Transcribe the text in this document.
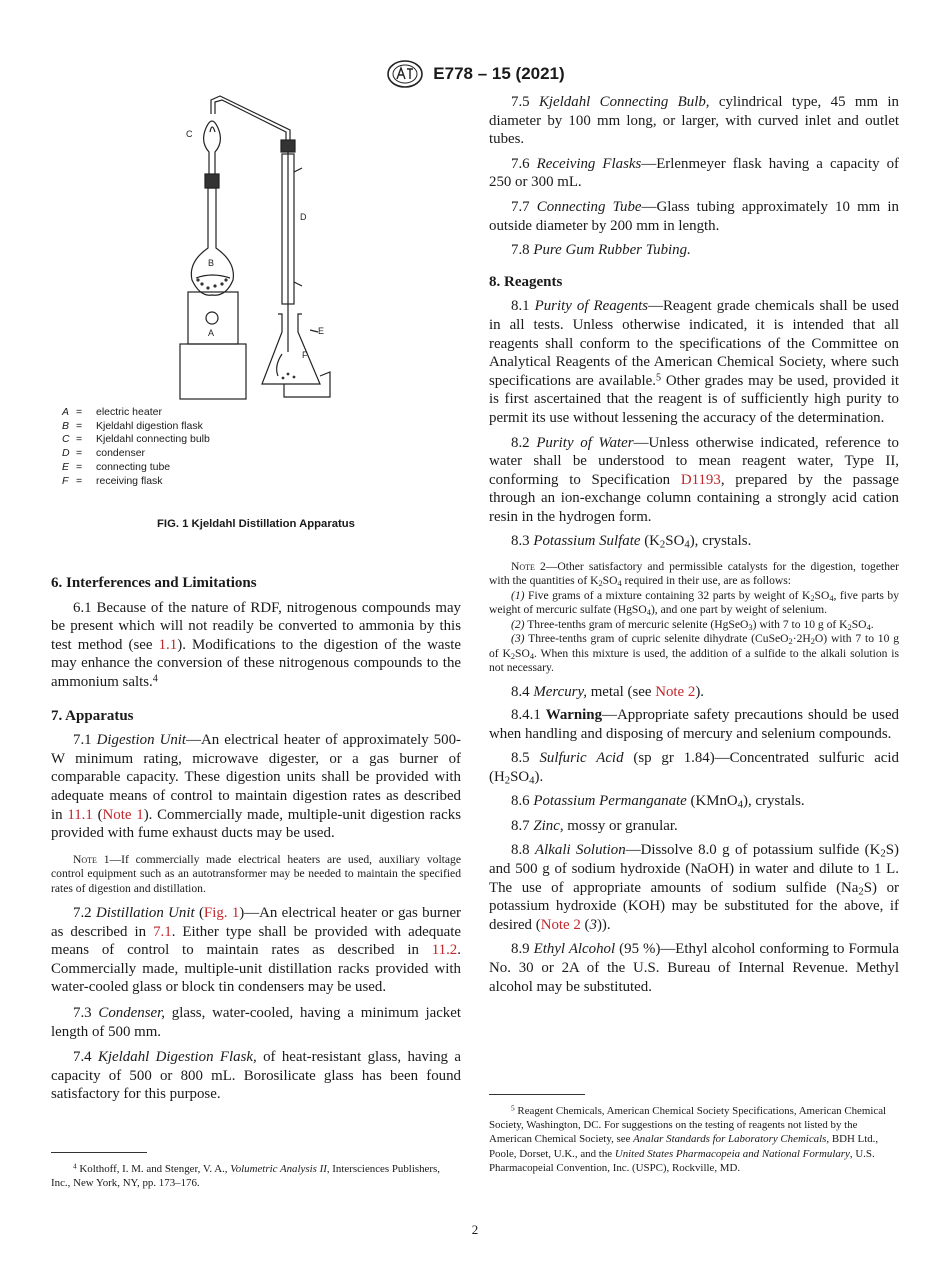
E778 – 15 (2021)
A
B
C
D
E
F
A =	electric heater
B =	Kjeldahl digestion flask
C =	Kjeldahl connecting bulb
D =	condenser
E =	connecting tube
F =	receiving flask
FIG. 1 Kjeldahl Distillation Apparatus

6. Interferences and Limitations

6.1 Because of the nature of RDF, nitrogenous compounds may be present which will not readily be converted to ammonia by this test method (see 1.1). Modifications to the digestion of the waste may enhance the conversion of these nitrogenous compounds to the ammonium salts.$^4$

7. Apparatus

7.1 Digestion Unit—An electrical heater of approximately 500-W minimum rating, microwave digester, or a gas burner of comparable capacity. These digestion units shall be provided with adequate means of control to maintain digestion rates as described in 11.1 (Note 1). Commercially made, multiple-unit digestion racks provided with fume exhaust ducts may be used.

Note 1—If commercially made electrical heaters are used, auxiliary voltage control equipment such as an autotransformer may be needed to maintain the specified rates of digestion and distillation.

7.2 Distillation Unit (Fig. 1)—An electrical heater or gas burner as described in 7.1. Either type shall be provided with adequate means of control to maintain rates as described in 11.2. Commercially made, multiple-unit distillation racks provided with water-cooled glass or block tin condensers may be used.

7.3 Condenser, glass, water-cooled, having a minimum jacket length of 500 mm.

7.4 Kjeldahl Digestion Flask, of heat-resistant glass, having a capacity of 500 or 800 mL. Borosilicate glass has been found satisfactory for this purpose.

$^4$ Kolthoff, I. M. and Stenger, V. A., Volumetric Analysis II, Intersciences Publishers, Inc., New York, NY, pp. 173–176.

7.5 Kjeldahl Connecting Bulb, cylindrical type, 45 mm in diameter by 100 mm long, or larger, with curved inlet and outlet tubes.

7.6 Receiving Flasks—Erlenmeyer flask having a capacity of 250 or 300 mL.

7.7 Connecting Tube—Glass tubing approximately 10 mm in outside diameter by 200 mm in length.

7.8 Pure Gum Rubber Tubing.

8. Reagents

8.1 Purity of Reagents—Reagent grade chemicals shall be used in all tests. Unless otherwise indicated, it is intended that all reagents shall conform to the specifications of the Committee on Analytical Reagents of the American Chemical Society, where such specifications are available.$^5$ Other grades may be used, provided it is first ascertained that the reagent is of sufficiently high purity to permit its use without lessening the accuracy of the determination.

8.2 Purity of Water—Unless otherwise indicated, reference to water shall be understood to mean reagent water, Type II, conforming to Specification D1193, prepared by the passage through an ion-exchange column containing a strongly acid cation resin in the hydrogen form.

8.3 Potassium Sulfate $(K_2SO_4)$, crystals.

Note 2—Other satisfactory and permissible catalysts for the digestion, together with the quantities of $K_2SO_4$ required in their use, are as follows:

(1) Five grams of a mixture containing 32 parts by weight of $K_2SO_4$, five parts by weight of mercuric sulfate (HgSO$_4$), and one part by weight of selenium.

(2) Three-tenths gram of mercuric selenite (HgSeO$_3$) with 7 to 10 g of $K_2SO_4$.

(3) Three-tenths gram of cupric selenite dihydrate $(CuSeO_2\cdot 2H_2O)$ with 7 to 10 g of $K_2SO_4$. When this mixture is used, the addition of a sulfide to the alkali solution is not necessary.

8.4 Mercury, metal (see Note 2).

8.4.1 Warning—Appropriate safety precautions should be used when handling and disposing of mercury and selenium compounds.

8.5 Sulfuric Acid (sp gr 1.84)—Concentrated sulfuric acid $(H_2SO_4)$.

8.6 Potassium Permanganate (KMnO$_4$), crystals.

8.7 Zinc, mossy or granular.

8.8 Alkali Solution—Dissolve 8.0 g of potassium sulfide $(K_2S)$ and 500 g of sodium hydroxide (NaOH) in water and dilute to 1 L. The use of appropriate amounts of sodium sulfide $(Na_2S)$ or potassium hydroxide (KOH) may be substituted for the above, if desired (Note 2 (3)).

8.9 Ethyl Alcohol (95 %)—Ethyl alcohol conforming to Formula No. 30 or 2A of the U.S. Bureau of Internal Revenue. Methyl alcohol may be substituted.

$^5$ Reagent Chemicals, American Chemical Society Specifications, American Chemical Society, Washington, DC. For suggestions on the testing of reagents not listed by the American Chemical Society, see Analar Standards for Laboratory Chemicals, BDH Ltd., Poole, Dorset, U.K., and the United States Pharmacopeia and National Formulary, U.S. Pharmacopeial Convention, Inc. (USPC), Rockville, MD.

2
